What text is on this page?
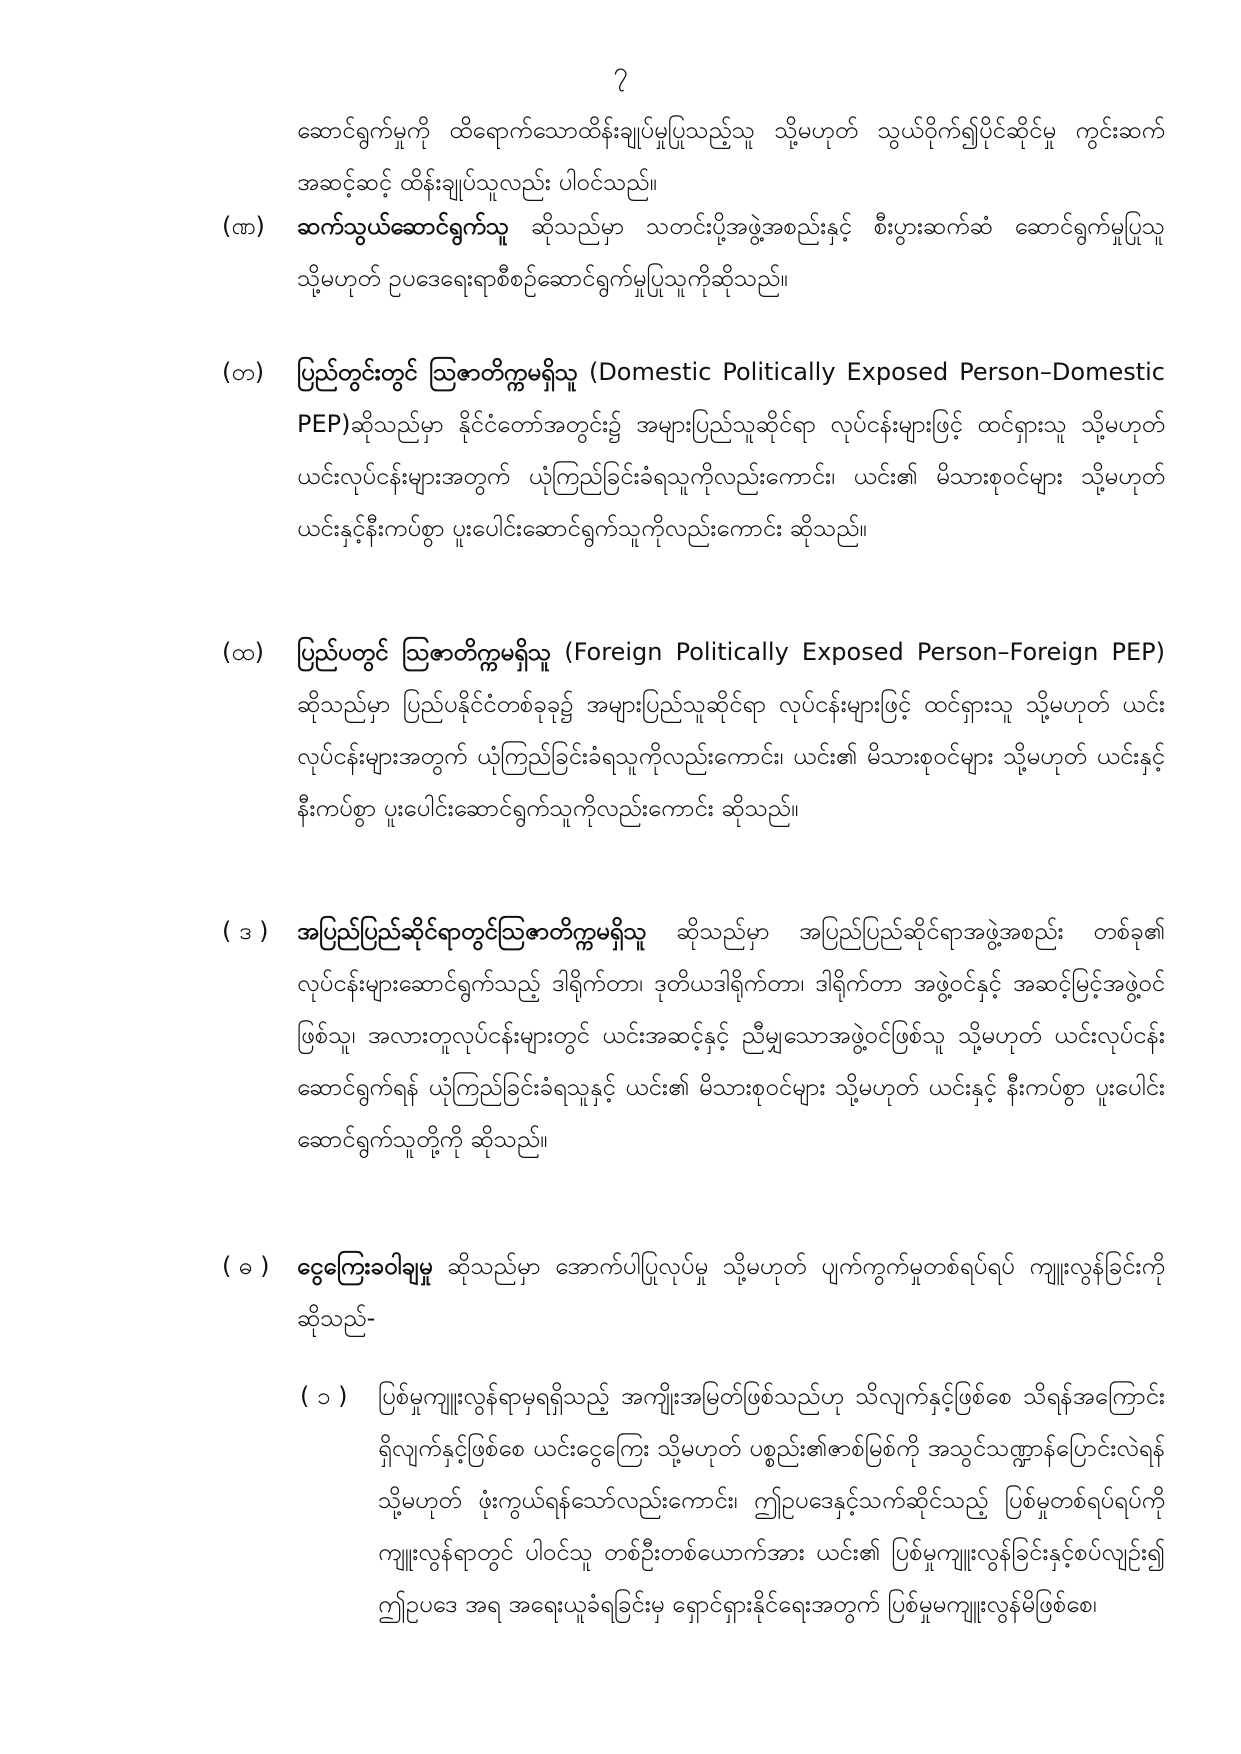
၇

ဆောင်ရွက်မှုကို ထိရောက်သောထိန်းချုပ်မှုပြုသည့်သူ သို့မဟုတ် သွယ်ဝိုက်၍ပိုင်ဆိုင်မှု ကွင်းဆက်အဆင့်ဆင့် ထိန်းချုပ်သူလည်း ပါဝင်သည်။

(ဏ)	ဆက်သွယ်ဆောင်ရွက်သူ ဆိုသည်မှာ သတင်းပို့အဖွဲ့အစည်းနှင့် စီးပွားဆက်ဆံ ဆောင်ရွက်မှုပြုသူ သို့မဟုတ် ဥပဒေရေးရာစီစဉ်ဆောင်ရွက်မှုပြုသူကိုဆိုသည်။
(တ)	ပြည်တွင်းတွင် ဩဇာတိက္ကမရှိသူ (Domestic Politically Exposed Person–Domestic PEP)ဆိုသည်မှာ နိုင်ငံတော်အတွင်း၌ အများပြည်သူဆိုင်ရာ လုပ်ငန်းများဖြင့် ထင်ရှားသူ သို့မဟုတ် ယင်းလုပ်ငန်းများအတွက် ယုံကြည်ခြင်းခံရသူကိုလည်းကောင်း၊ ယင်း၏ မိသားစုဝင်များ သို့မဟုတ် ယင်းနှင့်နီးကပ်စွာ ပူးပေါင်းဆောင်ရွက်သူကိုလည်းကောင်း ဆိုသည်။
(ထ)	ပြည်ပတွင် ဩဇာတိက္ကမရှိသူ (Foreign Politically Exposed Person–Foreign PEP) ဆိုသည်မှာ ပြည်ပနိုင်ငံတစ်ခုခု၌ အများပြည်သူဆိုင်ရာ လုပ်ငန်းများဖြင့် ထင်ရှားသူ သို့မဟုတ် ယင်းလုပ်ငန်းများအတွက် ယုံကြည်ခြင်းခံရသူကိုလည်းကောင်း၊ ယင်း၏ မိသားစုဝင်များ သို့မဟုတ် ယင်းနှင့်နီးကပ်စွာ ပူးပေါင်းဆောင်ရွက်သူကိုလည်းကောင်း ဆိုသည်။
( ဒ )	အပြည်ပြည်ဆိုင်ရာတွင်ဩဇာတိက္ကမရှိသူ ဆိုသည်မှာ အပြည်ပြည်ဆိုင်ရာအဖွဲ့အစည်း တစ်ခု၏ လုပ်ငန်းများဆောင်ရွက်သည့် ဒါရိုက်တာ၊ ဒုတိယဒါရိုက်တာ၊ ဒါရိုက်တာ အဖွဲ့ဝင်နှင့် အဆင့်မြင့်အဖွဲ့ဝင်ဖြစ်သူ၊ အလားတူလုပ်ငန်းများတွင် ယင်းအဆင့်နှင့် ညီမျှသောအဖွဲ့ဝင်ဖြစ်သူ သို့မဟုတ် ယင်းလုပ်ငန်းဆောင်ရွက်ရန် ယုံကြည်ခြင်းခံရသူနှင့် ယင်း၏ မိသားစုဝင်များ သို့မဟုတ် ယင်းနှင့် နီးကပ်စွာ ပူးပေါင်းဆောင်ရွက်သူတို့ကို ဆိုသည်။
( ဓ )	ငွေကြေးခဝါချမှု ဆိုသည်မှာ အောက်ပါပြုလုပ်မှု သို့မဟုတ် ပျက်ကွက်မှုတစ်ရပ်ရပ် ကျူးလွန်ခြင်းကို ဆိုသည်-
( ၁ )	ပြစ်မှုကျူးလွန်ရာမှရရှိသည့် အကျိုးအမြတ်ဖြစ်သည်ဟု သိလျက်နှင့်ဖြစ်စေ သိရန်အကြောင်းရှိလျက်နှင့်ဖြစ်စေ ယင်းငွေကြေး သို့မဟုတ် ပစ္စည်း၏ဇာစ်မြစ်ကို အသွင်သဏ္ဍာန်ပြောင်းလဲရန် သို့မဟုတ် ဖုံးကွယ်ရန်သော်လည်းကောင်း၊ ဤဥပဒေနှင့်သက်ဆိုင်သည့် ပြစ်မှုတစ်ရပ်ရပ်ကို ကျူးလွန်ရာတွင် ပါဝင်သူ တစ်ဦးတစ်ယောက်အား ယင်း၏ ပြစ်မှုကျူးလွန်ခြင်းနှင့်စပ်လျဉ်း၍ ဤဥပဒေ အရ အရေးယူခံရခြင်းမှ ရှောင်ရှားနိုင်ရေးအတွက် ပြစ်မှုမကျူးလွန်မိဖြစ်စေ၊
